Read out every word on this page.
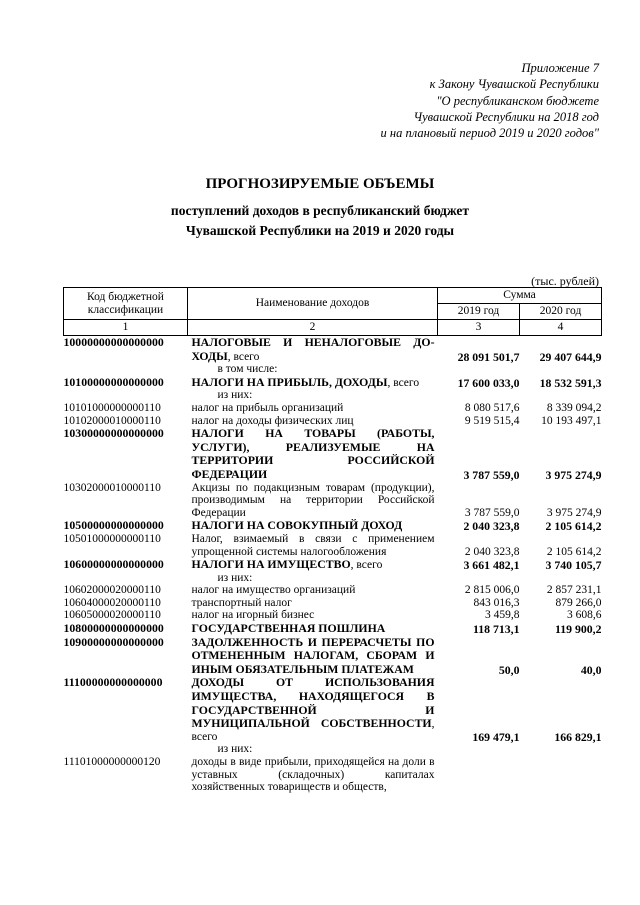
Приложение 7
к Закону Чувашской Республики
"О республиканском бюджете
Чувашской Республики на 2018 год
и на плановый период 2019 и 2020 годов"
ПРОГНОЗИРУЕМЫЕ ОБЪЕМЫ
поступлений доходов в республиканский бюджет
Чувашской Республики на 2019 и 2020 годы
(тыс. рублей)
Код бюджетной классификации	Наименование доходов	Сумма	
		2019 год	2020 год
1	2	3	4
10000000000000000	НАЛОГОВЫЕ И НЕНАЛОГОВЫЕ ДО-ХОДЫ, всего	28 091 501,7	29 407 644,9
	в том числе:		
10100000000000000	НАЛОГИ НА ПРИБЫЛЬ, ДОХОДЫ, всего	17 600 033,0	18 532 591,3
	из них:		
10101000000000110	налог на прибыль организаций	8 080 517,6	8 339 094,2
10102000010000110	налог на доходы физических лиц	9 519 515,4	10 193 497,1
10300000000000000	НАЛОГИ НА ТОВАРЫ (РАБОТЫ, УСЛУГИ), РЕАЛИЗУЕМЫЕ НА ТЕРРИТОРИИ РОССИЙСКОЙ ФЕДЕРАЦИИ	3 787 559,0	3 975 274,9
10302000010000110	Акцизы по подакцизным товарам (продукции), производимым на территории Российской Федерации	3 787 559,0	3 975 274,9
10500000000000000	НАЛОГИ НА СОВОКУПНЫЙ ДОХОД	2 040 323,8	2 105 614,2
10501000000000110	Налог, взимаемый в связи с применением упрощенной системы налогообложения	2 040 323,8	2 105 614,2
10600000000000000	НАЛОГИ НА ИМУЩЕСТВО, всего	3 661 482,1	3 740 105,7
	из них:		
10602000020000110	налог на имущество организаций	2 815 006,0	2 857 231,1
10604000020000110	транспортный налог	843 016,3	879 266,0
10605000020000110	налог на игорный бизнес	3 459,8	3 608,6
10800000000000000	ГОСУДАРСТВЕННАЯ ПОШЛИНА	118 713,1	119 900,2
10900000000000000	ЗАДОЛЖЕННОСТЬ И ПЕРЕРАСЧЕТЫ ПО ОТМЕНЕННЫМ НАЛОГАМ, СБОРАМ И ИНЫМ ОБЯЗАТЕЛЬНЫМ ПЛАТЕЖАМ	50,0	40,0
11100000000000000	ДОХОДЫ ОТ ИСПОЛЬЗОВАНИЯ ИМУЩЕСТВА, НАХОДЯЩЕГОСЯ В ГОСУДАРСТВЕННОЙ И МУНИЦИПАЛЬНОЙ СОБСТВЕННОСТИ, всего	169 479,1	166 829,1
	из них:		
11101000000000120	доходы в виде прибыли, приходящейся на доли в уставных (складочных) капиталах хозяйственных товариществ и обществ,		
